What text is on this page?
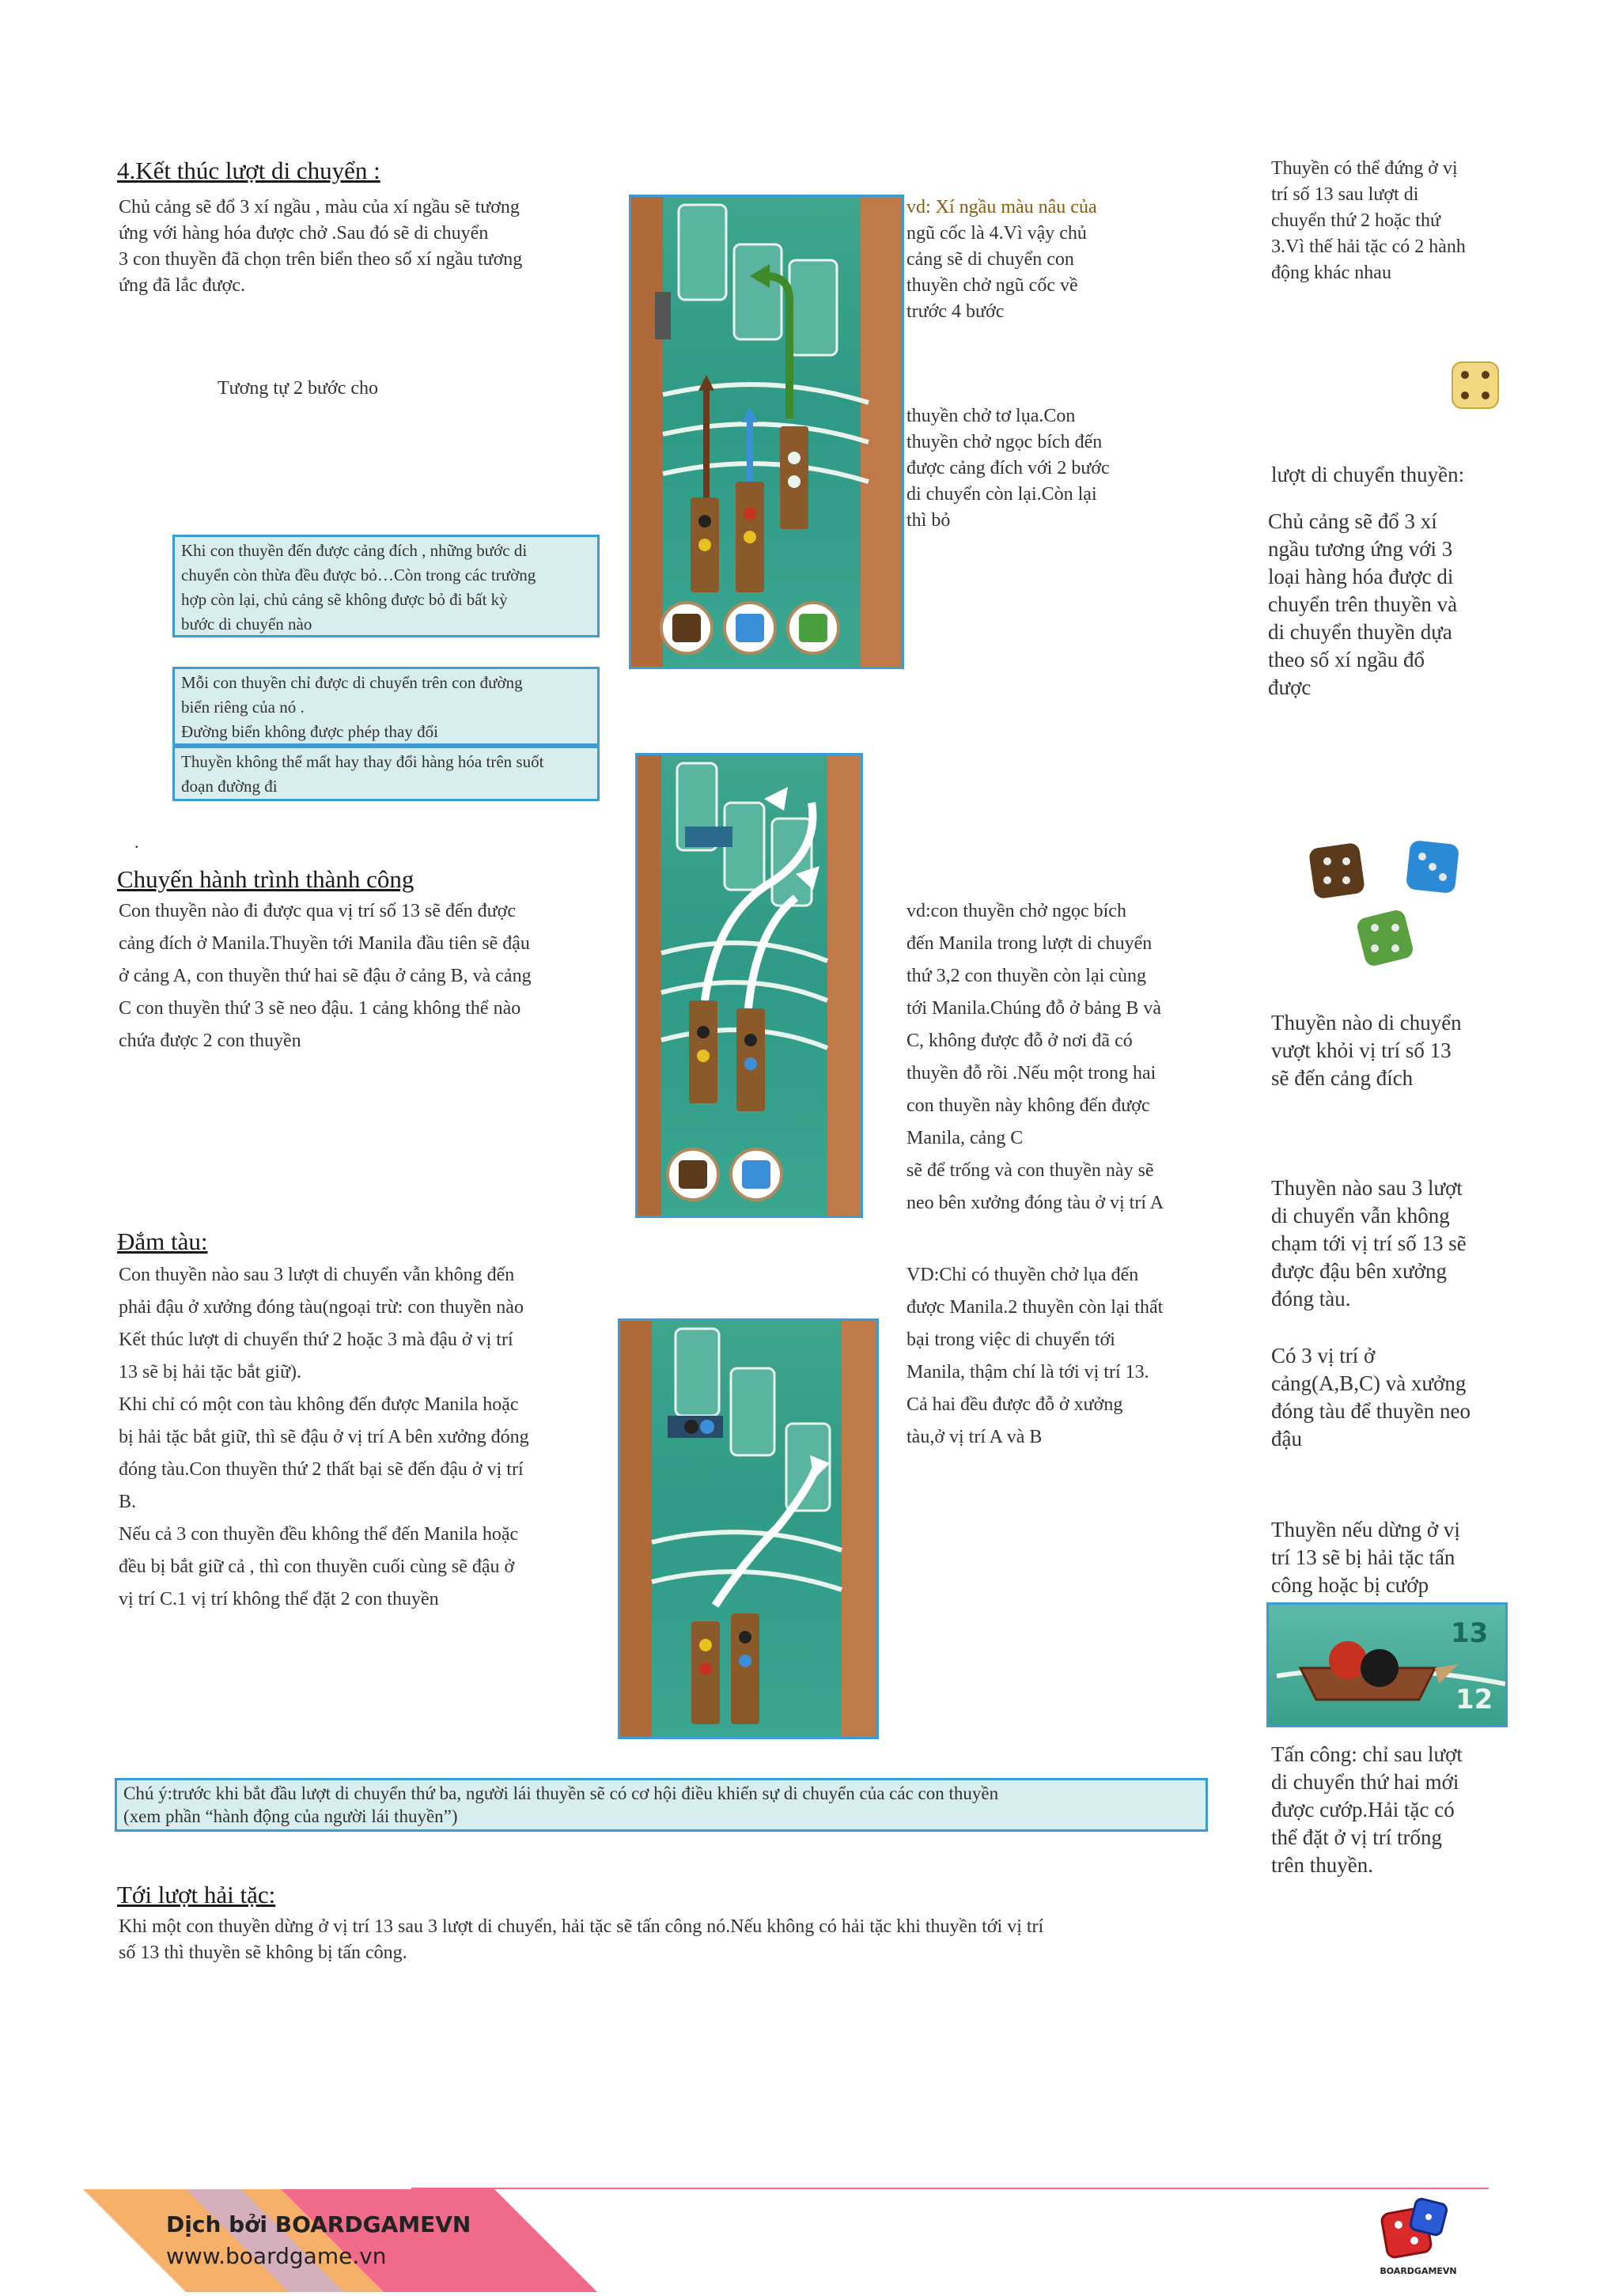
4.Kết thúc lượt di chuyển :
Chủ cảng sẽ đổ 3 xí ngầu , màu của xí ngầu sẽ tương
ứng với hàng hóa được chở .Sau đó sẽ di chuyển
3 con thuyền đã chọn trên biển theo số xí ngầu tương
ứng đã lắc được.
Tương tự 2 bước cho
Khi con thuyền đến được cảng đích , những bước di
chuyển còn thừa đều được bỏ…Còn trong các trường
hợp còn lại, chủ cảng sẽ không được bỏ đi bất kỳ
bước di chuyển nào
Mỗi con thuyền chỉ được di chuyển trên con đường
biển riêng của nó .
Đường biển không được phép thay đổi
Thuyền không thể mất hay thay đổi hàng hóa trên suốt
đoạn đường đi
.
vd: Xí ngầu màu nâu của
ngũ cốc là 4.Vì vậy chủ
cảng sẽ di chuyển con
thuyền chở ngũ cốc về
trước 4 bước
thuyền chở tơ lụa.Con
thuyền chở ngọc bích đến
được cảng đích với 2 bước
di chuyển còn lại.Còn lại
thì bỏ
Chuyến hành trình thành công
Con thuyền nào đi được qua vị trí số 13 sẽ đến được
cảng đích ở Manila.Thuyền tới Manila đầu tiên sẽ đậu
ở cảng A, con thuyền thứ hai sẽ đậu ở cảng B, và cảng
C con thuyền thứ 3 sẽ neo đậu. 1 cảng không thể nào
chứa được 2 con thuyền
vd:con thuyền chở ngọc bích
đến Manila trong lượt di chuyển
thứ 3,2 con thuyền còn lại cùng
tới Manila.Chúng đỗ ở bảng B và
C, không được đỗ ở nơi đã có
thuyền đỗ rồi .Nếu một trong hai
con thuyền này không đến được
Manila, cảng C
sẽ để trống và con thuyền này sẽ
neo bên xưởng đóng tàu ở vị trí A
Đắm tàu:
Con thuyền nào sau 3 lượt di chuyển vẫn không đến
phải đậu ở xưởng đóng tàu(ngoại trừ: con thuyền nào
Kết thúc lượt di chuyển thứ 2 hoặc 3 mà đậu ở vị trí
13 sẽ bị hải tặc bắt giữ).
Khi chỉ có một con tàu không đến được Manila hoặc
bị hải tặc bắt giữ, thì sẽ đậu ở vị trí A bên xưởng đóng
đóng tàu.Con thuyền thứ 2 thất bại sẽ đến đậu ở vị trí
B.
Nếu cả 3 con thuyền đều không thể đến Manila hoặc
đều bị bắt giữ cả , thì con thuyền cuối cùng sẽ đậu ở
vị trí C.1 vị trí không thể đặt 2 con thuyền
VD:Chỉ có thuyền chở lụa đến
được Manila.2 thuyền còn lại thất
bại trong việc di chuyển tới
Manila, thậm chí là tới vị trí 13.
Cả hai đều được đỗ ở xưởng
tàu,ở vị trí A và B
Chú ý:trước khi bắt đầu lượt di chuyển thứ ba, người lái thuyền sẽ có cơ hội điều khiển sự di chuyển của các con thuyền
(xem phần “hành động của người lái thuyền”)
Tới lượt hải tặc:
Khi một con thuyền dừng ở vị trí 13 sau 3 lượt di chuyển, hải tặc sẽ tấn công nó.Nếu không có hải tặc khi thuyền tới vị trí
số 13 thì thuyền sẽ không bị tấn công.
Thuyền có thể đứng ở vị
trí số 13 sau lượt di
chuyển thứ 2 hoặc thứ
3.Vì thế hải tặc có 2 hành
động khác nhau
lượt di chuyển thuyền:
Chủ cảng sẽ đổ 3 xí
ngầu tương ứng với 3
loại hàng hóa được di
chuyển trên thuyền và
di chuyển thuyền dựa
theo số xí ngầu đổ
được
Thuyền nào di chuyển
vượt khỏi vị trí số 13
sẽ đến cảng đích
Thuyền nào sau 3 lượt
di chuyển vẫn không
chạm tới vị trí số 13 sẽ
được đậu bên xưởng
đóng tàu.
Có 3 vị trí ở
cảng(A,B,C) và xưởng
đóng tàu để thuyền neo
đậu
Thuyền nếu dừng ở vị
trí 13 sẽ bị hải tặc tấn
công hoặc bị cướp
13
12
Tấn công: chỉ sau lượt
di chuyển thứ hai mới
được cướp.Hải tặc có
thể đặt ở vị trí trống
trên thuyền.
Dịch bởi BOARDGAMEVN
www.boardgame.vn
BOARDGAMEVN
